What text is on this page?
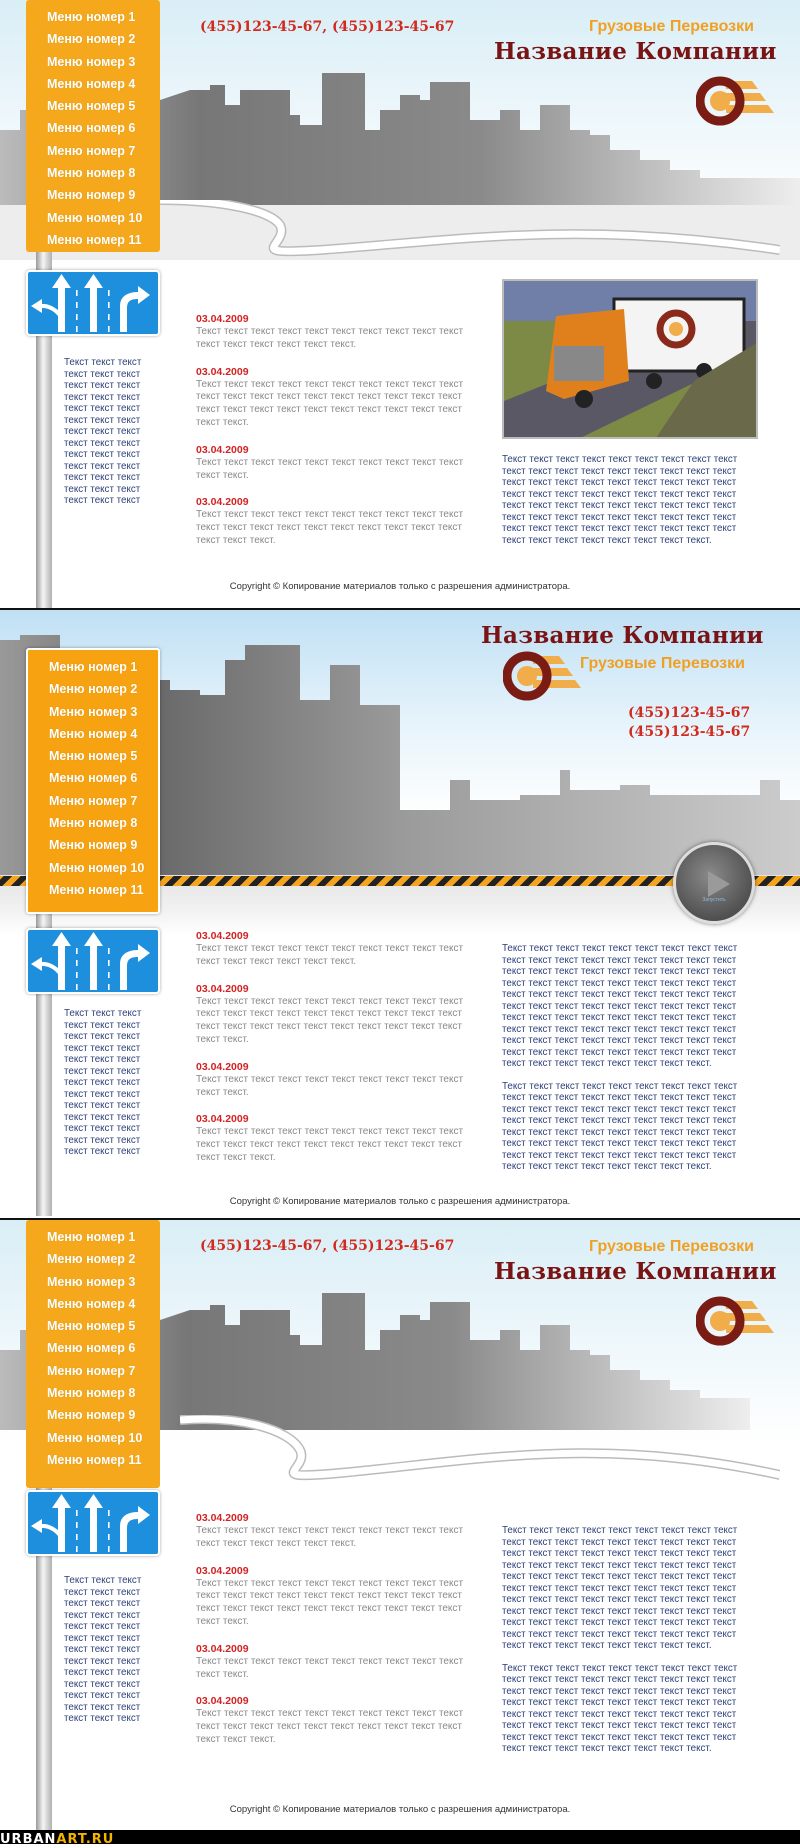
Меню номер 1
Меню номер 2
Меню номер 3
Меню номер 4
Меню номер 5
Меню номер 6
Меню номер 7
Меню номер 8
Меню номер 9
Меню номер 10
Меню номер 11
(455)123-45-67, (455)123-45-67	Грузовые Перевозки
Название Компании
Текст текст текст текст текст текст текст текст текст текст текст текст текст текст текст текст текст текст текст текст текст текст текст текст текст текст текст текст текст текст текст текст текст текст текст текст текст текст текст
03.04.2009
Текст текст текст текст текст текст текст текст текст текст текст текст текст текст текст текст.
03.04.2009
Текст текст текст текст текст текст текст текст текст текст текст текст текст текст текст текст текст текст текст текст текст текст текст текст текст текст текст текст текст текст текст текст.
03.04.2009
Текст текст текст текст текст текст текст текст текст текст текст текст.
03.04.2009
Текст текст текст текст текст текст текст текст текст текст текст текст текст текст текст текст текст текст текст текст текст текст текст.

Текст текст текст текст текст текст текст текст текст текст текст текст текст текст текст текст текст текст текст текст текст текст текст текст текст текст текст текст текст текст текст текст текст текст текст текст текст текст текст текст текст текст текст текст текст текст текст текст текст текст текст текст текст текст текст текст текст текст текст текст текст текст текст текст текст текст текст текст текст текст текст.

Copyright © Копирование материалов только с разрешения администратора.
Запустить
Меню номер 1
Меню номер 2
Меню номер 3
Меню номер 4
Меню номер 5
Меню номер 6
Меню номер 7
Меню номер 8
Меню номер 9
Меню номер 10
Меню номер 11
Название Компании
Грузовые Перевозки
(455)123-45-67
(455)123-45-67
Текст текст текст текст текст текст текст текст текст текст текст текст текст текст текст текст текст текст текст текст текст текст текст текст текст текст текст текст текст текст текст текст текст текст текст текст текст текст текст
03.04.2009
Текст текст текст текст текст текст текст текст текст текст текст текст текст текст текст текст.
03.04.2009
Текст текст текст текст текст текст текст текст текст текст текст текст текст текст текст текст текст текст текст текст текст текст текст текст текст текст текст текст текст текст текст текст.
03.04.2009
Текст текст текст текст текст текст текст текст текст текст текст текст.
03.04.2009
Текст текст текст текст текст текст текст текст текст текст текст текст текст текст текст текст текст текст текст текст текст текст текст.

Текст текст текст текст текст текст текст текст текст текст текст текст текст текст текст текст текст текст текст текст текст текст текст текст текст текст текст текст текст текст текст текст текст текст текст текст текст текст текст текст текст текст текст текст текст текст текст текст текст текст текст текст текст текст текст текст текст текст текст текст текст текст текст текст текст текст текст текст текст текст текст текст текст текст текст текст текст текст текст текст текст текст текст текст текст текст текст текст текст текст текст текст текст текст текст текст текст текст.

Текст текст текст текст текст текст текст текст текст текст текст текст текст текст текст текст текст текст текст текст текст текст текст текст текст текст текст текст текст текст текст текст текст текст текст текст текст текст текст текст текст текст текст текст текст текст текст текст текст текст текст текст текст текст текст текст текст текст текст текст текст текст текст текст текст текст текст текст текст текст текст.

Copyright © Копирование материалов только с разрешения администратора.
Меню номер 1
Меню номер 2
Меню номер 3
Меню номер 4
Меню номер 5
Меню номер 6
Меню номер 7
Меню номер 8
Меню номер 9
Меню номер 10
Меню номер 11
(455)123-45-67, (455)123-45-67	Грузовые Перевозки
Название Компании
Текст текст текст текст текст текст текст текст текст текст текст текст текст текст текст текст текст текст текст текст текст текст текст текст текст текст текст текст текст текст текст текст текст текст текст текст текст текст текст
03.04.2009
Текст текст текст текст текст текст текст текст текст текст текст текст текст текст текст текст.
03.04.2009
Текст текст текст текст текст текст текст текст текст текст текст текст текст текст текст текст текст текст текст текст текст текст текст текст текст текст текст текст текст текст текст текст.
03.04.2009
Текст текст текст текст текст текст текст текст текст текст текст текст.
03.04.2009
Текст текст текст текст текст текст текст текст текст текст текст текст текст текст текст текст текст текст текст текст текст текст текст.

Текст текст текст текст текст текст текст текст текст текст текст текст текст текст текст текст текст текст текст текст текст текст текст текст текст текст текст текст текст текст текст текст текст текст текст текст текст текст текст текст текст текст текст текст текст текст текст текст текст текст текст текст текст текст текст текст текст текст текст текст текст текст текст текст текст текст текст текст текст текст текст текст текст текст текст текст текст текст текст текст текст текст текст текст текст текст текст текст текст текст текст текст текст текст текст текст текст текст.

Текст текст текст текст текст текст текст текст текст текст текст текст текст текст текст текст текст текст текст текст текст текст текст текст текст текст текст текст текст текст текст текст текст текст текст текст текст текст текст текст текст текст текст текст текст текст текст текст текст текст текст текст текст текст текст текст текст текст текст текст текст текст текст текст текст текст текст текст текст текст текст.

Copyright © Копирование материалов только с разрешения администратора.
URBANART.RU
